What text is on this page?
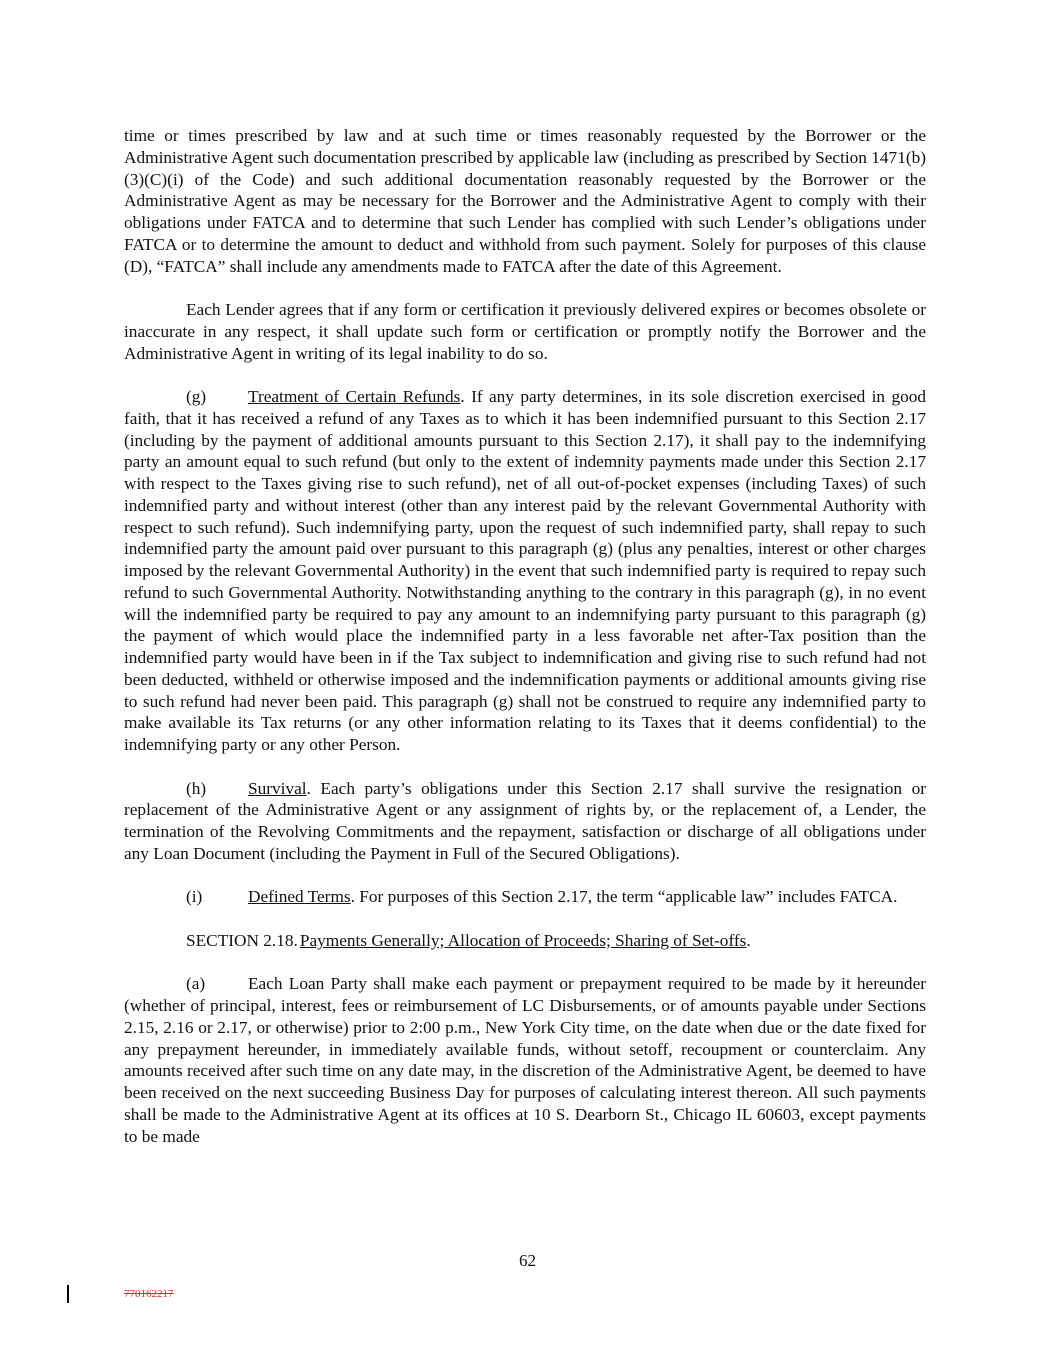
time or times prescribed by law and at such time or times reasonably requested by the Borrower or the Administrative Agent such documentation prescribed by applicable law (including as prescribed by Section 1471(b)(3)(C)(i) of the Code) and such additional documentation reasonably requested by the Borrower or the Administrative Agent as may be necessary for the Borrower and the Administrative Agent to comply with their obligations under FATCA and to determine that such Lender has complied with such Lender’s obligations under FATCA or to determine the amount to deduct and withhold from such payment. Solely for purposes of this clause (D), “FATCA” shall include any amendments made to FATCA after the date of this Agreement.

Each Lender agrees that if any form or certification it previously delivered expires or becomes obsolete or inaccurate in any respect, it shall update such form or certification or promptly notify the Borrower and the Administrative Agent in writing of its legal inability to do so.

(g) Treatment of Certain Refunds. If any party determines, in its sole discretion exercised in good faith, that it has received a refund of any Taxes as to which it has been indemnified pursuant to this Section 2.17 (including by the payment of additional amounts pursuant to this Section 2.17), it shall pay to the indemnifying party an amount equal to such refund (but only to the extent of indemnity payments made under this Section 2.17 with respect to the Taxes giving rise to such refund), net of all out-of-pocket expenses (including Taxes) of such indemnified party and without interest (other than any interest paid by the relevant Governmental Authority with respect to such refund). Such indemnifying party, upon the request of such indemnified party, shall repay to such indemnified party the amount paid over pursuant to this paragraph (g) (plus any penalties, interest or other charges imposed by the relevant Governmental Authority) in the event that such indemnified party is required to repay such refund to such Governmental Authority. Notwithstanding anything to the contrary in this paragraph (g), in no event will the indemnified party be required to pay any amount to an indemnifying party pursuant to this paragraph (g) the payment of which would place the indemnified party in a less favorable net after-Tax position than the indemnified party would have been in if the Tax subject to indemnification and giving rise to such refund had not been deducted, withheld or otherwise imposed and the indemnification payments or additional amounts giving rise to such refund had never been paid. This paragraph (g) shall not be construed to require any indemnified party to make available its Tax returns (or any other information relating to its Taxes that it deems confidential) to the indemnifying party or any other Person.

(h) Survival. Each party’s obligations under this Section 2.17 shall survive the resignation or replacement of the Administrative Agent or any assignment of rights by, or the replacement of, a Lender, the termination of the Revolving Commitments and the repayment, satisfaction or discharge of all obligations under any Loan Document (including the Payment in Full of the Secured Obligations).

(i)	Defined Terms. For purposes of this Section 2.17, the term “applicable law” includes FATCA.

SECTION 2.18. Payments Generally; Allocation of Proceeds; Sharing of Set-offs.

(a) Each Loan Party shall make each payment or prepayment required to be made by it hereunder (whether of principal, interest, fees or reimbursement of LC Disbursements, or of amounts payable under Sections 2.15, 2.16 or 2.17, or otherwise) prior to 2:00 p.m., New York City time, on the date when due or the date fixed for any prepayment hereunder, in immediately available funds, without setoff, recoupment or counterclaim. Any amounts received after such time on any date may, in the discretion of the Administrative Agent, be deemed to have been received on the next succeeding Business Day for purposes of calculating interest thereon. All such payments shall be made to the Administrative Agent at its offices at 10 S. Dearborn St., Chicago IL 60603, except payments to be made

62
770162217
